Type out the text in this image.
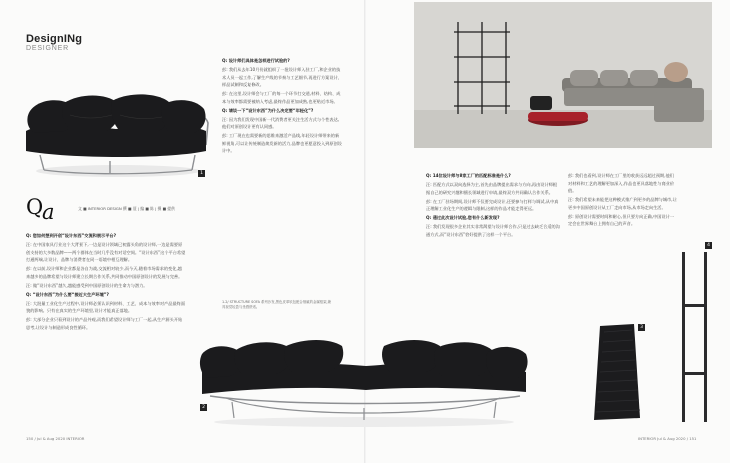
DesignINg
DESIGNER
1
Q
a	文 ■ INTERIOR DESIGN 撰 ■ 聂 | 编 ■ 陈 | 摄 ■ 提供

Q: 您如何想到开创“设计东西”交流和展示平台?

汪: 在中国家具行业这个大背景下,一边是设计领域已初露头角的设计师,一边是需要原创支持的大多数品牌——两个群体在当时几乎没有对话空间。“设计东西”这个平台希望打通两端,让设计、品牌与消费者在同一语境中相互理解。

彭: 在以前,设计师和企业都是各自为战,交流相对较少,而今天,随着市场需求的变化,越来越多的品牌希望与设计师建立长期合作关系,共同推动中国原创设计的发展与完善。

汪: 做“设计东西”越久,越能感受到中国原创设计的生命力与潜力。

Q: “设计东西”为什么要“接近大生产环境”?

汪: 大批量工业化生产过程中,设计师必须认识到材料、工艺、成本与效率对产品最终面貌的影响。只有在真实的生产环境里,设计才能真正落地。

彭: 大部分企业只看到设计的产品外观,而我们希望设计师与工厂一起,从生产源头开始思考,让设计与制造形成良性循环。

Q: 设计师们具体是怎样进行试验的?

彭: 我们从去年10月份就组织了一批设计师入驻工厂,和企业的技术人员一起工作,了解生产线的节奏与工艺细节,再进行方案设计、样品试制和反复修改。

彭: 在这里,设计师会与工厂的每一个环节打交道,材料、结构、成本与效率都需要被纳入考虑,最终作品更加成熟,也更贴近市场。

Q: 请谈一下“设计东西”为什么决定要“年轻化”?

汪: 因为我们发现中国新一代消费者更关注生活方式与个性表达,他们对原创设计更有认同感。

彭: 工厂现在也需要新的思维来激活产品线,年轻设计师带来的新鲜视角,可以让传统制造焕发新的活力,品牌也更愿意投入到原创设计中。

1.2/ STRUCTURE SOFA 系列沙发,黑色皮革软包配合细腻的金属框架,兼具视觉轻盈与坐感舒适。
150 / Jul & Aug 2020 INTERIOR

Q: 14位设计师与8家工厂的匹配标准是什么?

汪: 匹配方式以双向选择为主,首先由品牌提出需求与方向,再由设计师根据自己的研究兴趣和擅长领域进行申请,最终双方共同确认合作关系。

彭: 在工厂驻场期间,设计师不仅要完成设计,还要参与打样与调试,从中真正理解工业化生产的逻辑与限制,这样的作品才能走得更远。

Q: 通过此次设计试验,您有什么新发现?

汪: 我们发现很多企业其实非常渴望与设计师合作,只是过去缺乏合适的沟通方式,而“设计东西”恰好提供了这样一个平台。

彭: 我们也看到,设计师在工厂里的收获远远超过预期,他们对材料和工艺的理解更加深入,作品也更具落地性与商业价值。

汪: 我们希望未来能把这种模式推广到更多的品牌与城市,让更多中国原创设计从工厂走向市场,从市场走向生活。

彭: 原创设计需要时间和耐心,但只要方向正确,中国设计一定会在世界舞台上拥有自己的声音。

4
3
INTERIOR Jul & Aug 2020 / 151
2
